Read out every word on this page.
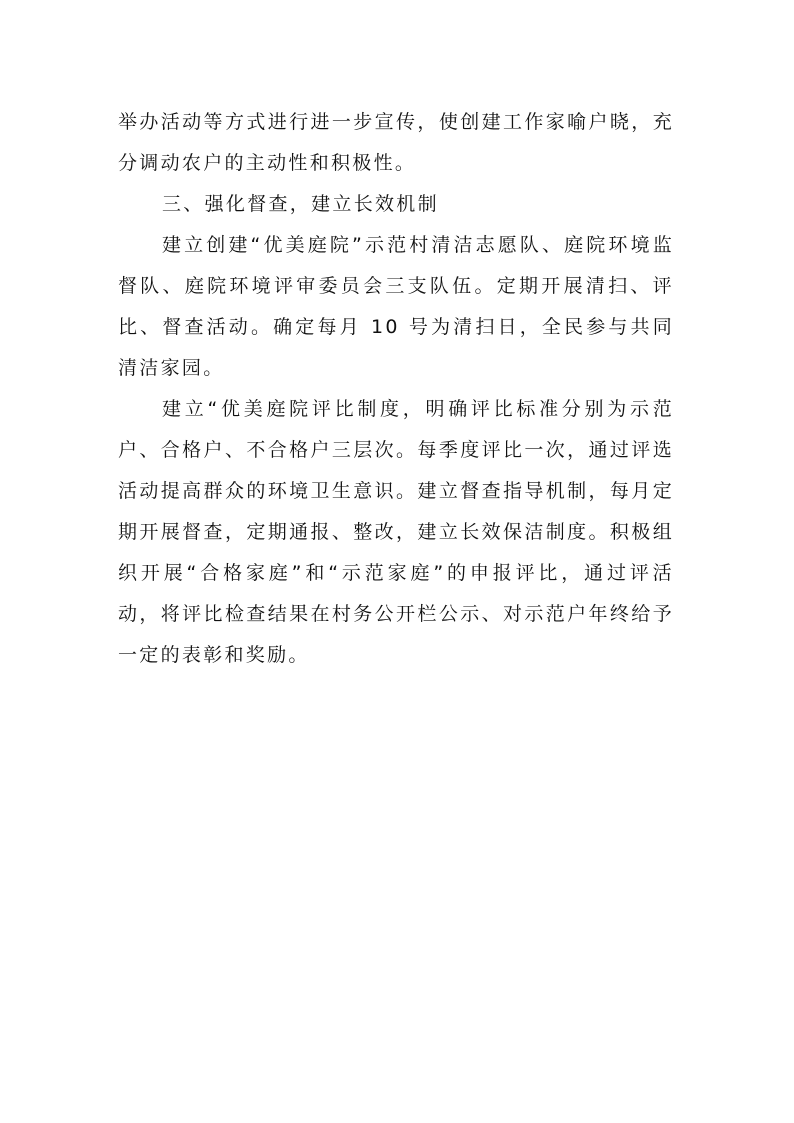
举办活动等方式进行进一步宣传，使创建工作家喻户晓，充分调动农户的主动性和积极性。

三、强化督查，建立长效机制

建立创建“优美庭院”示范村清洁志愿队、庭院环境监督队、庭院环境评审委员会三支队伍。定期开展清扫、评比、督查活动。确定每月 10 号为清扫日，全民参与共同清洁家园。

建立“优美庭院评比制度，明确评比标准分别为示范户、合格户、不合格户三层次。每季度评比一次，通过评选活动提高群众的环境卫生意识。建立督查指导机制，每月定期开展督查，定期通报、整改，建立长效保洁制度。积极组织开展“合格家庭”和“示范家庭”的申报评比，通过评活动，将评比检查结果在村务公开栏公示、对示范户年终给予一定的表彰和奖励。
